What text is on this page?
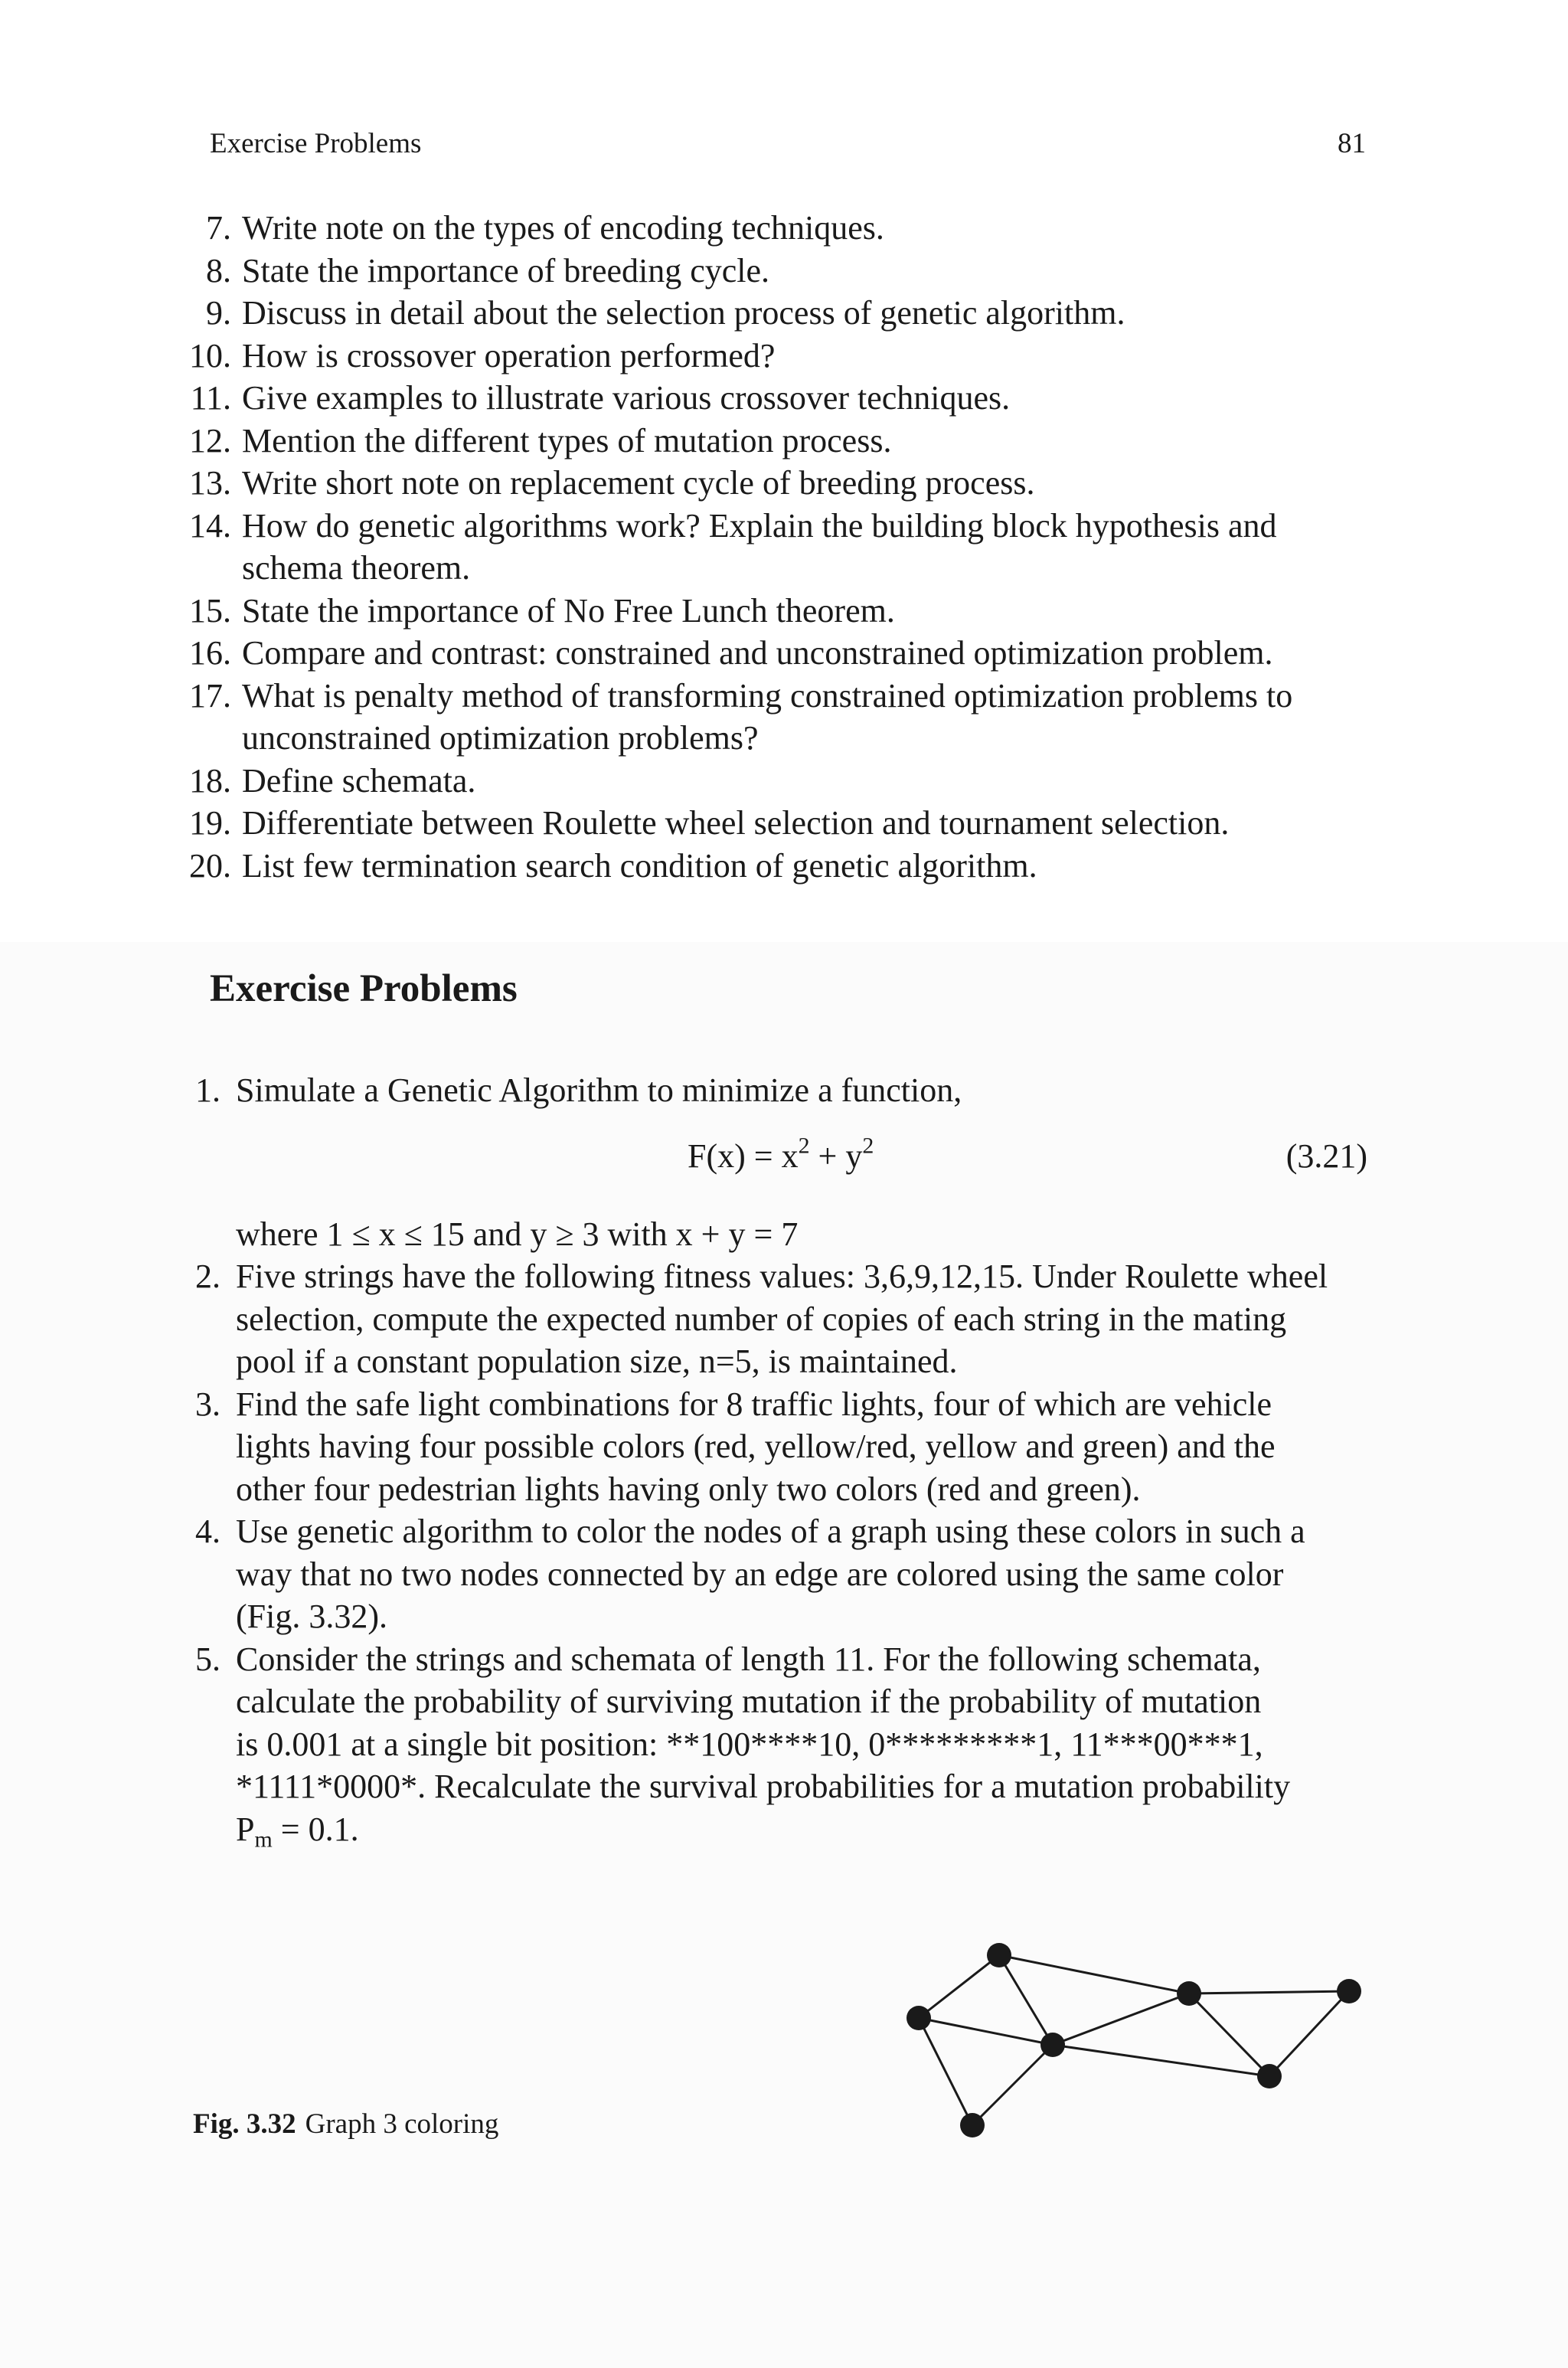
Exercise Problems	81
7. Write note on the types of encoding techniques.
8. State the importance of breeding cycle.
9. Discuss in detail about the selection process of genetic algorithm.
10. How is crossover operation performed?
11. Give examples to illustrate various crossover techniques.
12. Mention the different types of mutation process.
13. Write short note on replacement cycle of breeding process.
14. How do genetic algorithms work? Explain the building block hypothesis and
schema theorem.
15. State the importance of No Free Lunch theorem.
16. Compare and contrast: constrained and unconstrained optimization problem.
17. What is penalty method of transforming constrained optimization problems to
unconstrained optimization problems?
18. Define schemata.
19. Differentiate between Roulette wheel selection and tournament selection.
20. List few termination search condition of genetic algorithm.
Exercise Problems
1. Simulate a Genetic Algorithm to minimize a function,
$F(x) = x^2 + y^2$	(3.21)
where 1 ≤ x ≤ 15 and y ≥ 3 with x + y = 7
2. Five strings have the following fitness values: 3,6,9,12,15. Under Roulette wheel
selection, compute the expected number of copies of each string in the mating
pool if a constant population size, n=5, is maintained.
3. Find the safe light combinations for 8 traffic lights, four of which are vehicle
lights having four possible colors (red, yellow/red, yellow and green) and the
other four pedestrian lights having only two colors (red and green).
4. Use genetic algorithm to color the nodes of a graph using these colors in such a
way that no two nodes connected by an edge are colored using the same color
(Fig. 3.32).
5. Consider the strings and schemata of length 11. For the following schemata,
calculate the probability of surviving mutation if the probability of mutation
is 0.001 at a single bit position: **100****10, 0*********1, 11***00***1,
*1111*0000*. Recalculate the survival probabilities for a mutation probability
$P_m = 0.1$.
Fig. 3.32 Graph 3 coloring
